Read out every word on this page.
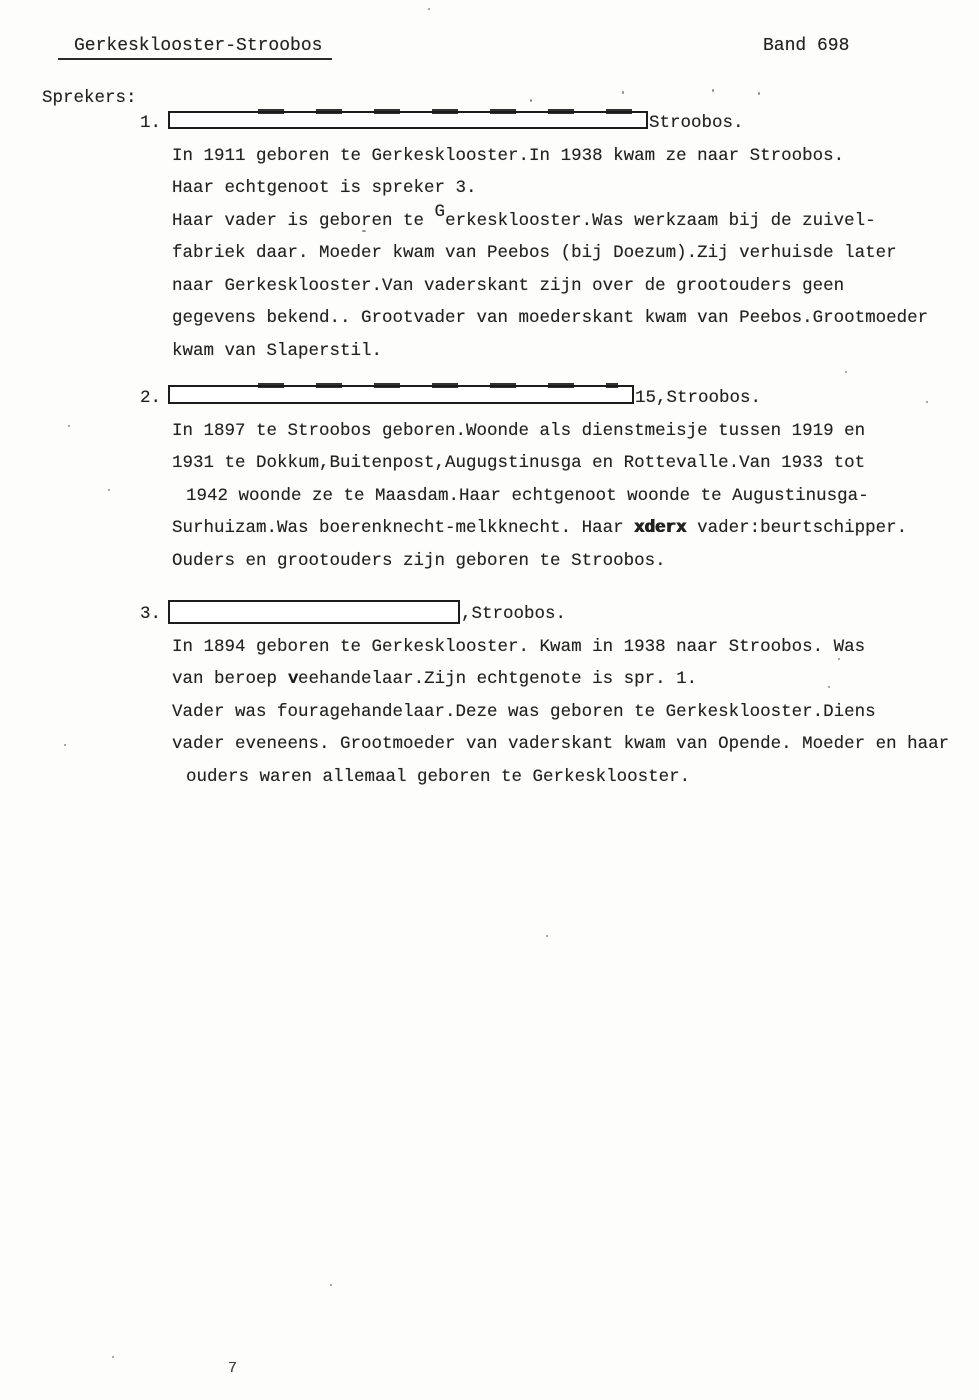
Gerkesklooster-Stroobos	Band 698
Sprekers:
1.	Stroobos.
In 1911 geboren te Gerkesklooster.In 1938 kwam ze naar Stroobos.
Haar echtgenoot is spreker 3.
Haar vader is geboren te Gerkesklooster.Was werkzaam bij de zuivel-
fabriek daar. Moeder kwam van Peebos (bij Doezum).Zij verhuisde later
naar Gerkesklooster.Van vaderskant zijn over de grootouders geen
gegevens bekend.. Grootvader van moederskant kwam van Peebos.Grootmoeder
kwam van Slaperstil.
2.	15,Stroobos.
In 1897 te Stroobos geboren.Woonde als dienstmeisje tussen 1919 en
1931 te Dokkum,Buitenpost,Augugstinusga en Rottevalle.Van 1933 tot
1942 woonde ze te Maasdam.Haar echtgenoot woonde te Augustinusga-
Surhuizam.Was boerenknecht-melkknecht. Haar xderx vader:beurtschipper.
Ouders en grootouders zijn geboren te Stroobos.
3.	,Stroobos.
In 1894 geboren te Gerkesklooster. Kwam in 1938 naar Stroobos. Was
van beroep veehandelaar.Zijn echtgenote is spr. 1.
Vader was fouragehandelaar.Deze was geboren te Gerkesklooster.Diens
vader eveneens. Grootmoeder van vaderskant kwam van Opende. Moeder en haar
ouders waren allemaal geboren te Gerkesklooster.
7
